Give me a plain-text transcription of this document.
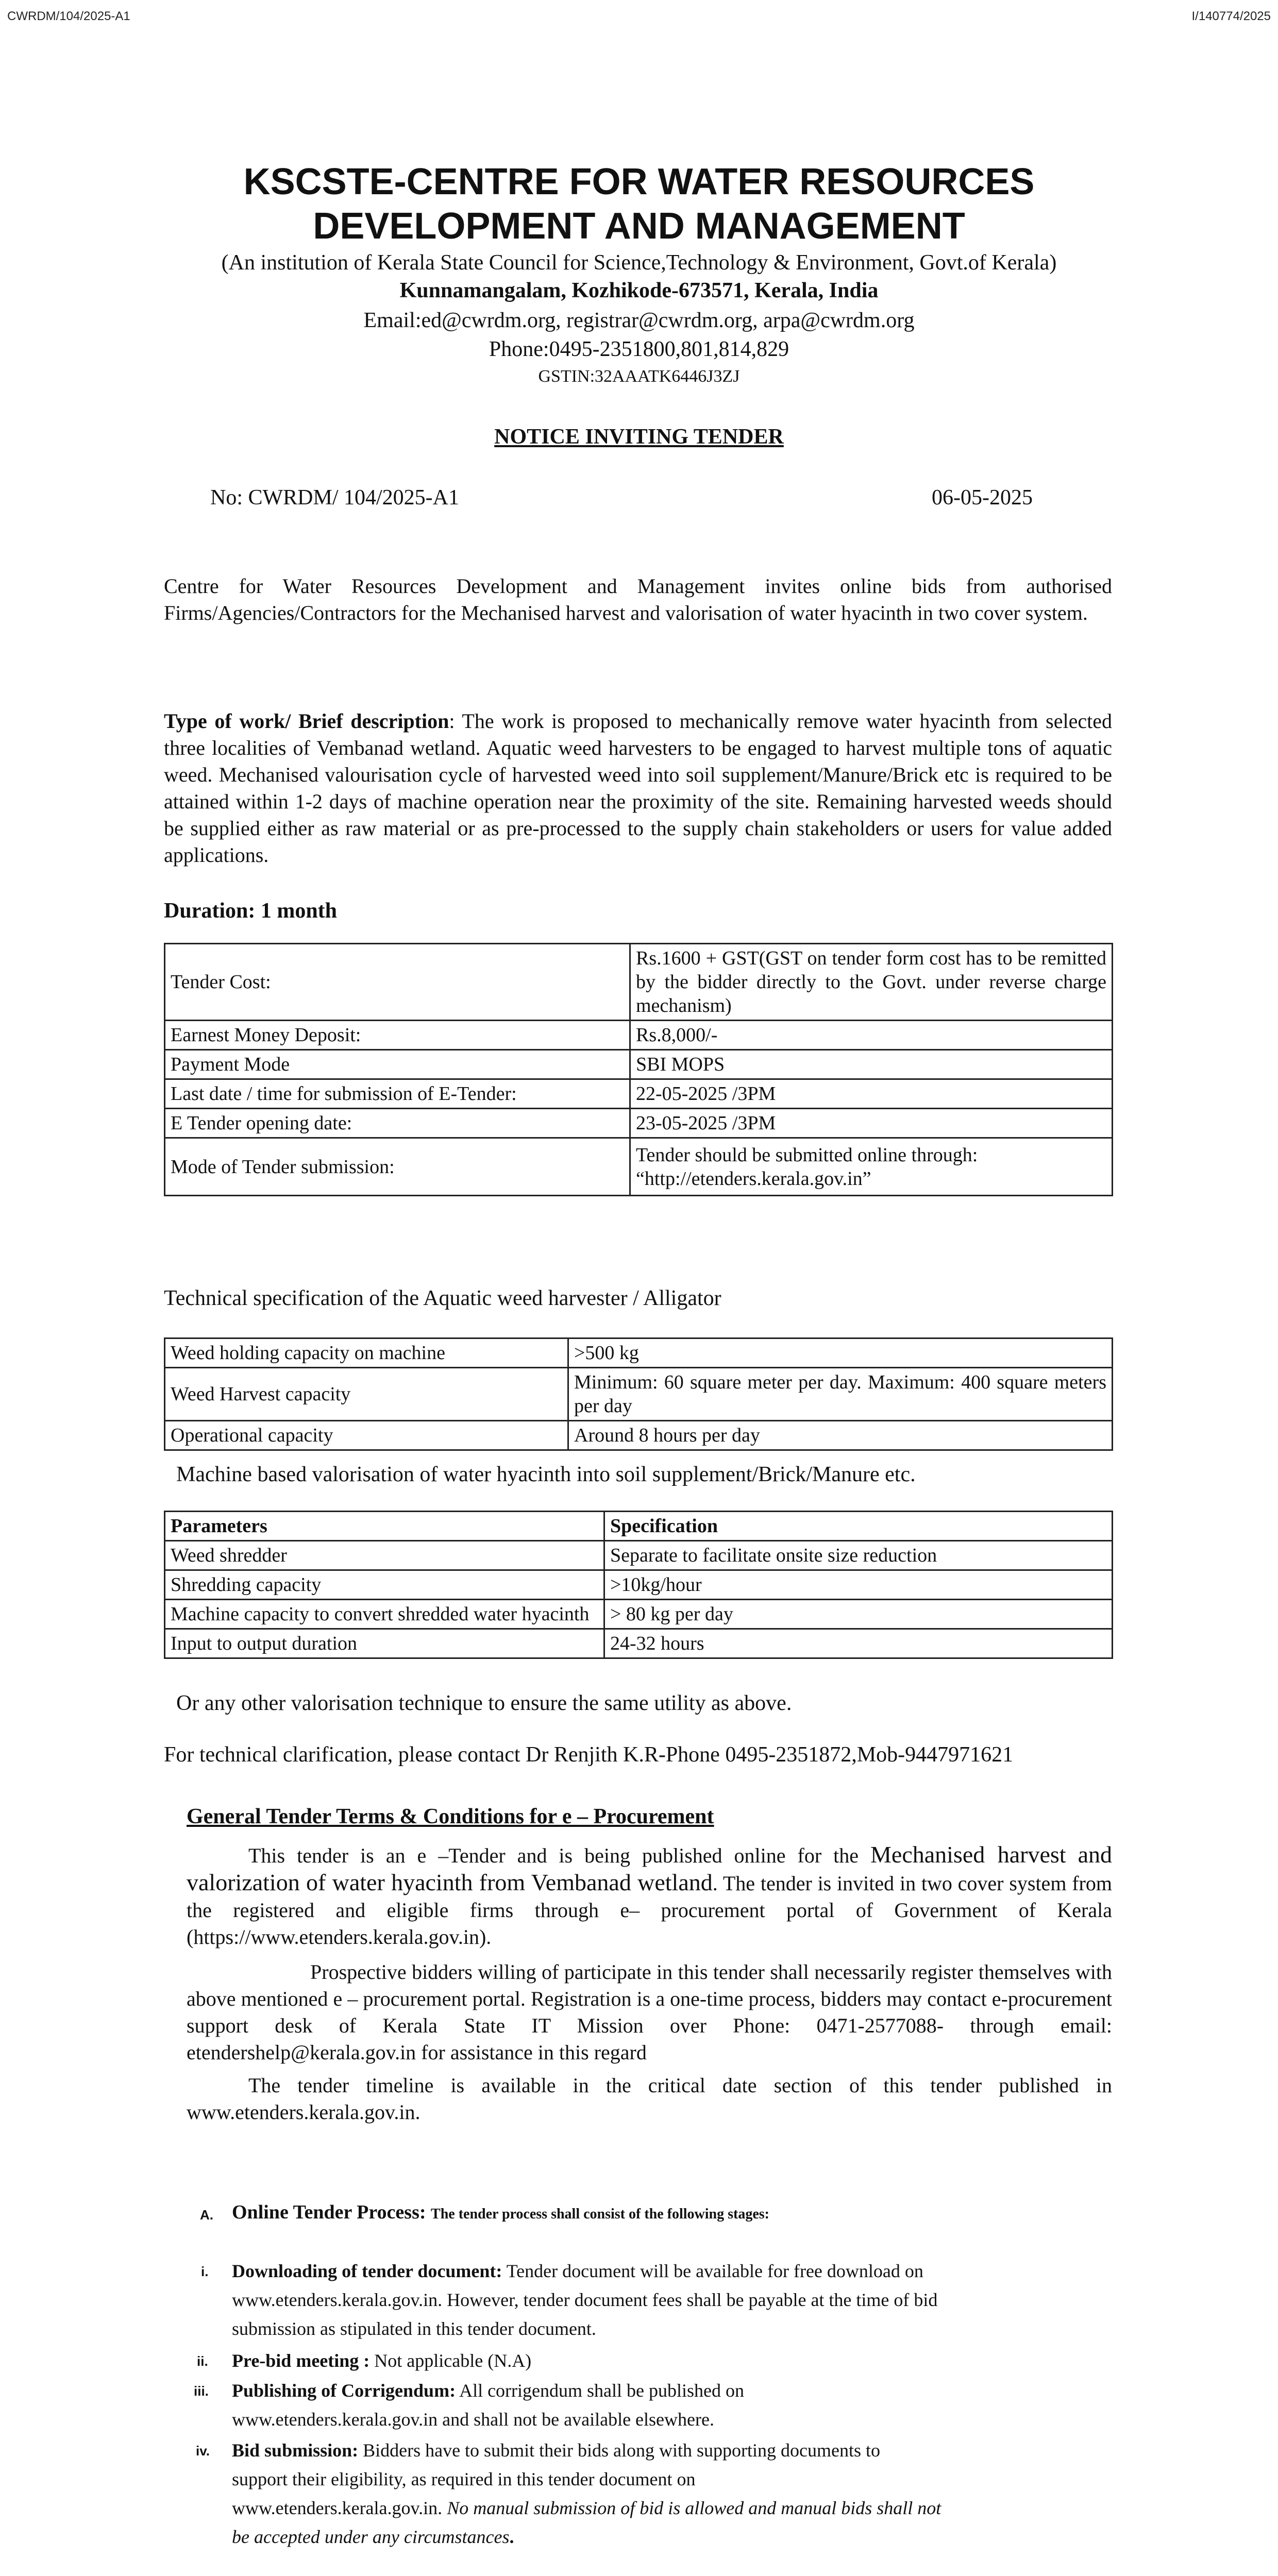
CWRDM/104/2025-A1	I/140774/2025
KSCSTE-CENTRE FOR WATER RESOURCES
DEVELOPMENT AND MANAGEMENT
(An institution of Kerala State Council for Science,Technology & Environment, Govt.of Kerala)
Kunnamangalam, Kozhikode-673571, Kerala, India
Email:ed@cwrdm.org, registrar@cwrdm.org, arpa@cwrdm.org
Phone:0495-2351800,801,814,829
GSTIN:32AAATK6446J3ZJ
NOTICE INVITING TENDER
No: CWRDM/ 104/2025-A1	06-05-2025
Centre for Water Resources Development and Management invites online bids from authorised Firms/Agencies/Contractors for the Mechanised harvest and valorisation of water hyacinth in two cover system.
Type of work/ Brief description: The work is proposed to mechanically remove water hyacinth from selected three localities of Vembanad wetland. Aquatic weed harvesters to be engaged to harvest multiple tons of aquatic weed. Mechanised valourisation cycle of harvested weed into soil supplement/Manure/Brick etc is required to be attained within 1-2 days of machine operation near the proximity of the site. Remaining harvested weeds should be supplied either as raw material or as pre-processed to the supply chain stakeholders or users for value added applications.
Duration: 1 month
Tender Cost:	Rs.1600 + GST(GST on tender form cost has to be remitted by the bidder directly to the Govt. under reverse charge mechanism)
Earnest Money Deposit:	Rs.8,000/-
Payment Mode	SBI MOPS
Last date / time for submission of E-Tender:	22-05-2025 /3PM
E Tender opening date:	23-05-2025 /3PM
Mode of Tender submission:	Tender should be submitted online through: “http://etenders.kerala.gov.in”
Technical specification of the Aquatic weed harvester / Alligator
Weed holding capacity on machine	>500 kg
Weed Harvest capacity	Minimum: 60 square meter per day. Maximum: 400 square meters per day
Operational capacity	Around 8 hours per day
Machine based valorisation of water hyacinth into soil supplement/Brick/Manure etc.
Parameters	Specification
Weed shredder	Separate to facilitate onsite size reduction
Shredding capacity	>10kg/hour
Machine capacity to convert shredded water hyacinth	> 80 kg per day
Input to output duration	24-32 hours
Or any other valorisation technique to ensure the same utility as above.
For technical clarification, please contact Dr Renjith K.R-Phone 0495-2351872,Mob-9447971621
General Tender Terms & Conditions for e – Procurement
This tender is an e –Tender and is being published online for the Mechanised harvest and valorization of water hyacinth from Vembanad wetland. The tender is invited in two cover system from the registered and eligible firms through e– procurement portal of Government of Kerala (https://www.etenders.kerala.gov.in).
Prospective bidders willing of participate in this tender shall necessarily register themselves with above mentioned e – procurement portal. Registration is a one-time process, bidders may contact e-procurement support desk of Kerala State IT Mission over Phone: 0471-2577088- through email: etendershelp@kerala.gov.in for assistance in this regard
The tender timeline is available in the critical date section of this tender published in www.etenders.kerala.gov.in.
A. Online Tender Process: The tender process shall consist of the following stages:
i. Downloading of tender document: Tender document will be available for free download on
www.etenders.kerala.gov.in. However, tender document fees shall be payable at the time of bid
submission as stipulated in this tender document.
ii. Pre-bid meeting : Not applicable (N.A)
iii. Publishing of Corrigendum: All corrigendum shall be published on
www.etenders.kerala.gov.in and shall not be available elsewhere.
iv. Bid submission: Bidders have to submit their bids along with supporting documents to
support their eligibility, as required in this tender document on
www.etenders.kerala.gov.in. No manual submission of bid is allowed and manual bids shall not
be accepted under any circumstances.
